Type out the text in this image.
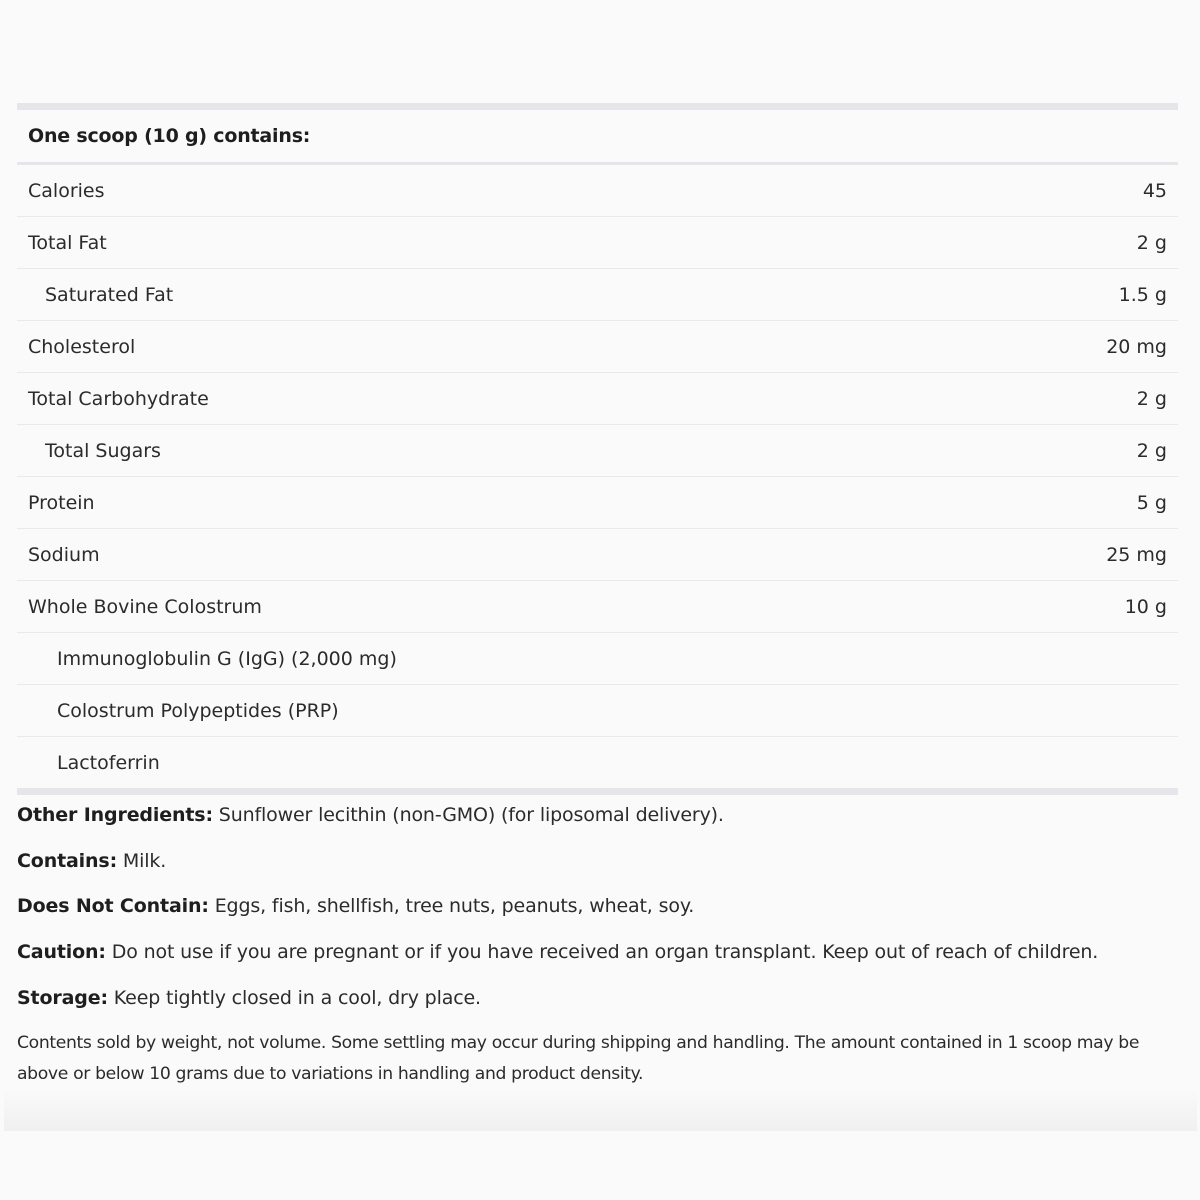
One scoop (10 g) contains:
Calories	45
Total Fat	2 g
Saturated Fat	1.5 g
Cholesterol	20 mg
Total Carbohydrate	2 g
Total Sugars	2 g
Protein	5 g
Sodium	25 mg
Whole Bovine Colostrum	10 g
Immunoglobulin G (IgG) (2,000 mg)
Colostrum Polypeptides (PRP)
Lactoferrin
Other Ingredients: Sunflower lecithin (non-GMO) (for liposomal delivery).
Contains: Milk.
Does Not Contain: Eggs, fish, shellfish, tree nuts, peanuts, wheat, soy.
Caution: Do not use if you are pregnant or if you have received an organ transplant. Keep out of reach of children.
Storage: Keep tightly closed in a cool, dry place.
Contents sold by weight, not volume. Some settling may occur during shipping and handling. The amount contained in 1 scoop may be above or below 10 grams due to variations in handling and product density.
